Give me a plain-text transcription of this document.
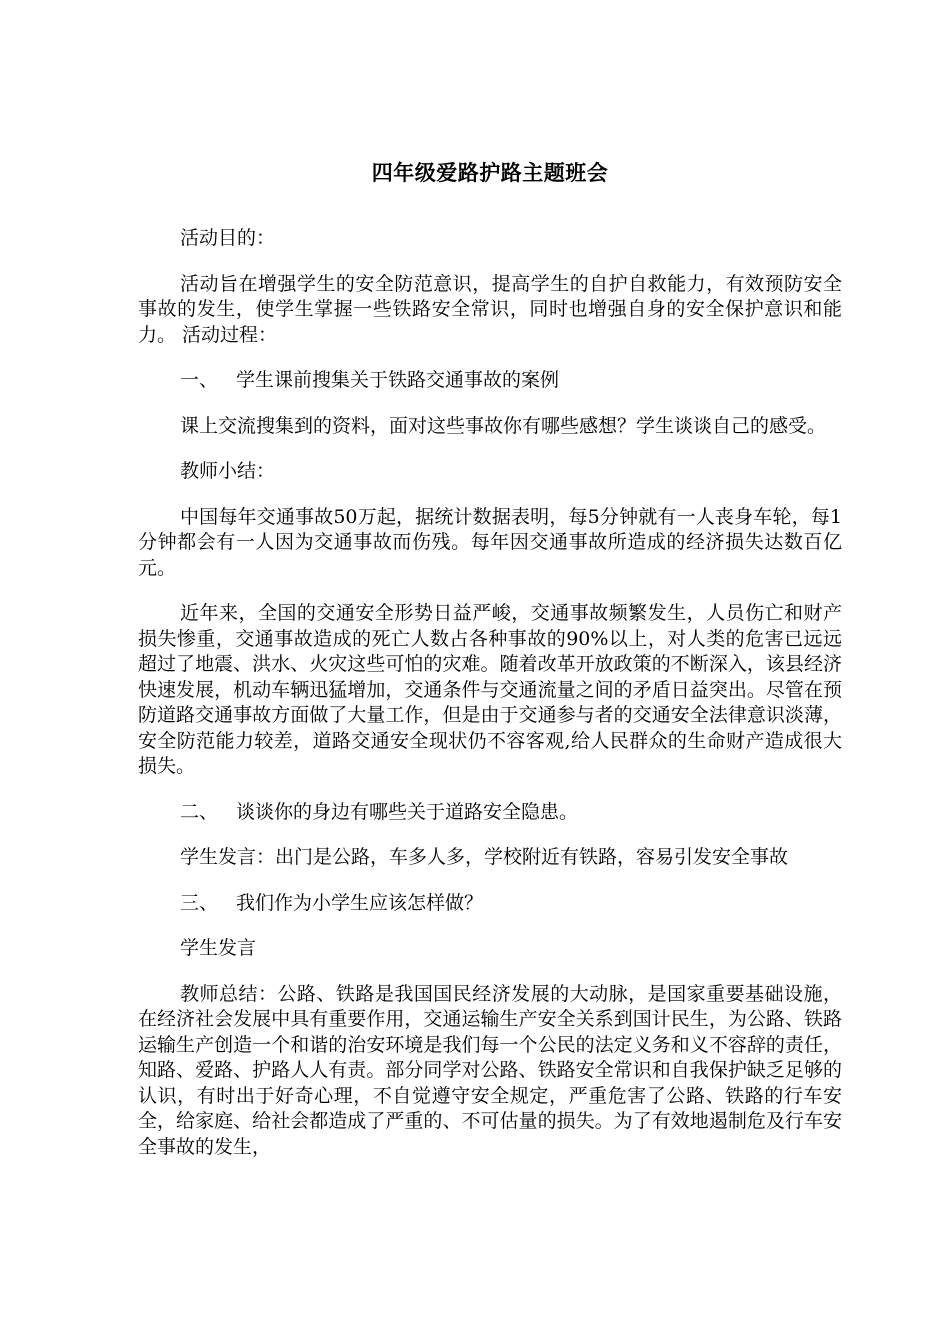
四年级爱路护路主题班会

活动目的：

活动旨在增强学生的安全防范意识，提高学生的自护自救能力，有效预防安全事故的发生，使学生掌握一些铁路安全常识，同时也增强自身的安全保护意识和能力。 活动过程：

一、 学生课前搜集关于铁路交通事故的案例

课上交流搜集到的资料，面对这些事故你有哪些感想？学生谈谈自己的感受。

教师小结：

中国每年交通事故50万起，据统计数据表明，每5分钟就有一人丧身车轮，每1分钟都会有一人因为交通事故而伤残。每年因交通事故所造成的经济损失达数百亿元。

近年来，全国的交通安全形势日益严峻，交通事故频繁发生，人员伤亡和财产损失惨重，交通事故造成的死亡人数占各种事故的90%以上，对人类的危害已远远超过了地震、洪水、火灾这些可怕的灾难。随着改革开放政策的不断深入，该县经济快速发展，机动车辆迅猛增加，交通条件与交通流量之间的矛盾日益突出。尽管在预防道路交通事故方面做了大量工作，但是由于交通参与者的交通安全法律意识淡薄，安全防范能力较差，道路交通安全现状仍不容客观,给人民群众的生命财产造成很大损失。

二、 谈谈你的身边有哪些关于道路安全隐患。

学生发言：出门是公路，车多人多，学校附近有铁路，容易引发安全事故

三、 我们作为小学生应该怎样做？

学生发言

教师总结：公路、铁路是我国国民经济发展的大动脉，是国家重要基础设施，在经济社会发展中具有重要作用，交通运输生产安全关系到国计民生，为公路、铁路运输生产创造一个和谐的治安环境是我们每一个公民的法定义务和义不容辞的责任，知路、爱路、护路人人有责。部分同学对公路、铁路安全常识和自我保护缺乏足够的认识，有时出于好奇心理，不自觉遵守安全规定，严重危害了公路、铁路的行车安全，给家庭、给社会都造成了严重的、不可估量的损失。为了有效地遏制危及行车安全事故的发生，
